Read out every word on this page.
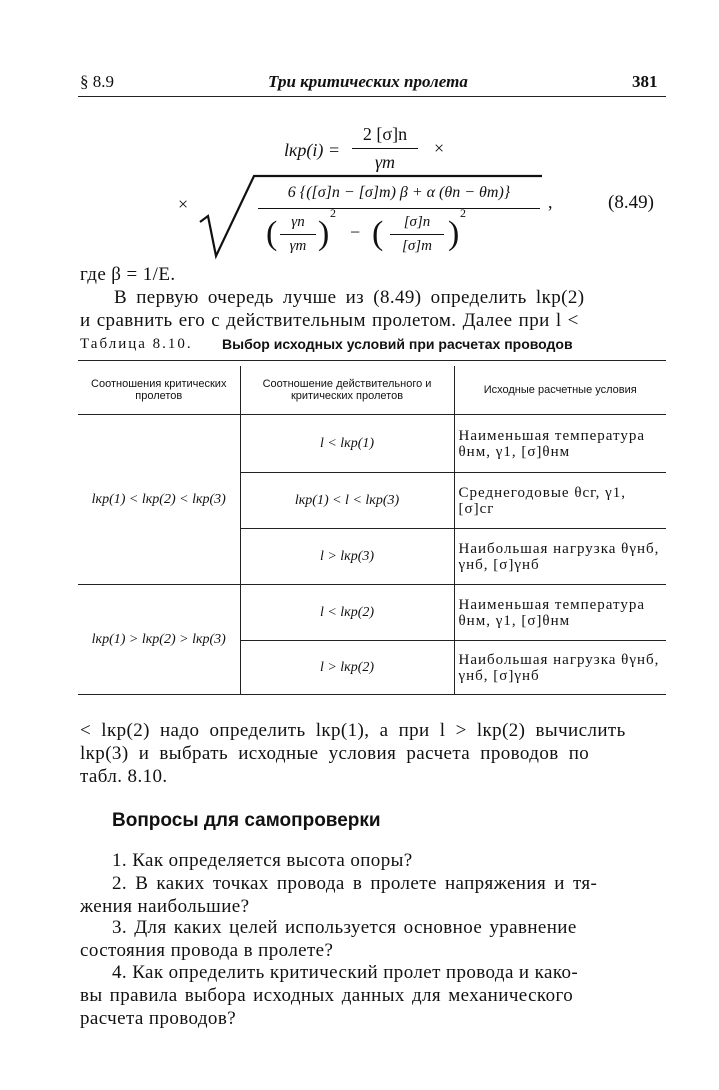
§ 8.9	Три критических пролета	381
lкр(i) =
2 [σ]n
γm
×
×
6 {([σ]n − [σ]m) β + α (θn − θm)}
( γn
γm )
2
− (	[σ]n
[σ]m )
2
,	(8.49)
где β = 1/E.
В первую очередь лучше из (8.49) определить lкр(2)
и сравнить его с действительным пролетом. Далее при l <
Таблица 8.10. Выбор исходных условий при расчетах проводов
Соотношения критических пролетов	Соотношение действительного и критических пролетов	Исходные расчетные условия
lкр(1) < lкр(2) < lкр(3)	l < lкр(1)	Наименьшая температура θнм, γ1, [σ]θнм
	lкр(1) < l < lкр(3)	Среднегодовые θсг, γ1, [σ]сг
	l > lкр(3)	Наибольшая нагрузка θγнб, γнб, [σ]γнб
lкр(1) > lкр(2) > lкр(3)	l < lкр(2)	Наименьшая температура θнм, γ1, [σ]θнм
	l > lкр(2)	Наибольшая нагрузка θγнб, γнб, [σ]γнб
< lкр(2) надо определить lкр(1), а при l > lкр(2) вычислить
lкр(3) и выбрать исходные условия расчета проводов по
табл. 8.10.
Вопросы для самопроверки
1. Как определяется высота опоры?
2. В каких точках провода в пролете напряжения и тя-
жения наибольшие?
3. Для каких целей используется основное уравнение
состояния провода в пролете?
4. Как определить критический пролет провода и како-
вы правила выбора исходных данных для механического
расчета проводов?
